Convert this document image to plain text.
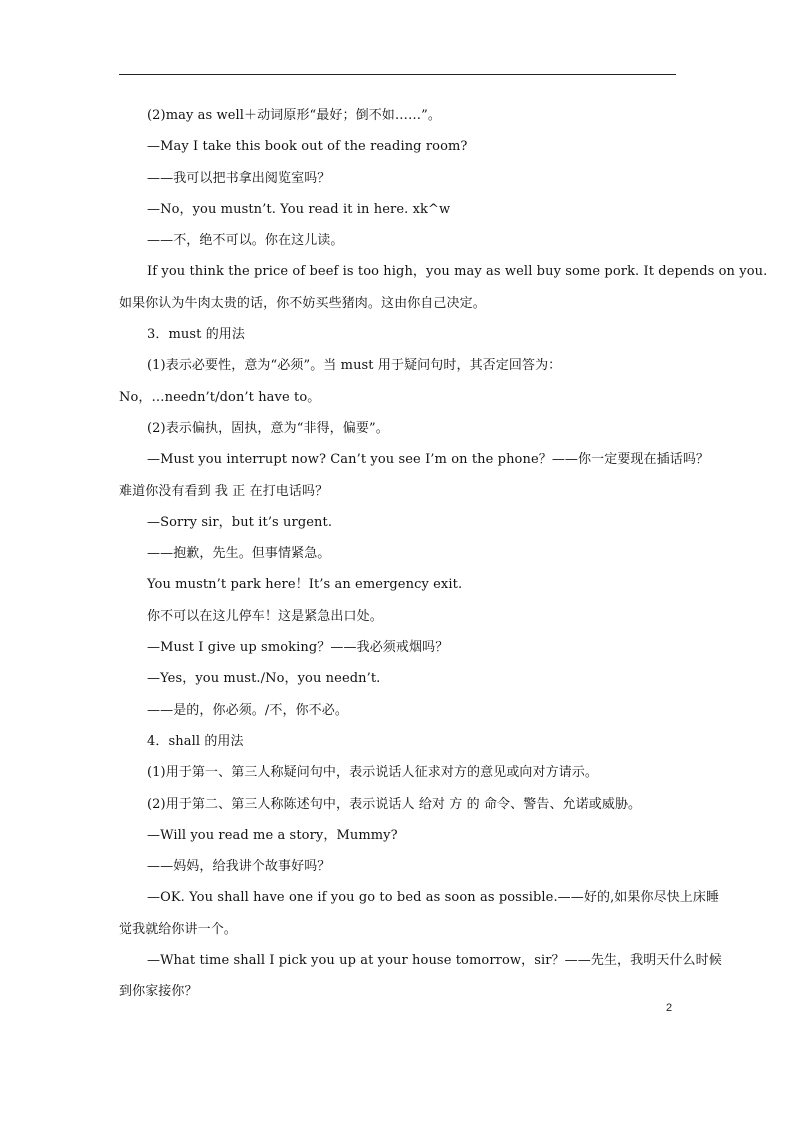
(2)may as well＋动词原形“最好；倒不如……”。
—May I take this book out of the reading room?
——我可以把书拿出阅览室吗？
—No，you mustn’t. You read it in here. xk^w
——不，绝不可以。你在这儿读。
If you think the price of beef is too high，you may as well buy some pork. It depends on you.
如果你认为牛肉太贵的话，你不妨买些猪肉。这由你自己决定。
3．must 的用法
(1)表示必要性，意为“必须”。当 must 用于疑问句时，其否定回答为：
No，…needn’t/don’t have to。
(2)表示偏执，固执，意为“非得，偏要”。
—Must you interrupt now? Can’t you see I’m on the phone？——你一定要现在插话吗？
难道你没有看到 我 正 在打电话吗？
—Sorry sir，but it’s urgent.
——抱歉，先生。但事情紧急。
You mustn’t park here！It’s an emergency exit.
你不可以在这儿停车！这是紧急出口处。
—Must I give up smoking？——我必须戒烟吗？
—Yes，you must./No，you needn’t.
——是的，你必须。/不，你不必。
4．shall 的用法
(1)用于第一、第三人称疑问句中，表示说话人征求对方的意见或向对方请示。
(2)用于第二、第三人称陈述句中，表示说话人 给对 方 的 命令、警告、允诺或威胁。
—Will you read me a story，Mummy?
——妈妈，给我讲个故事好吗？
—OK. You shall have one if you go to bed as soon as possible.——好的,如果你尽快上床睡
觉我就给你讲一个。
—What time shall I pick you up at your house tomorrow，sir？——先生，我明天什么时候
到你家接你？
2
